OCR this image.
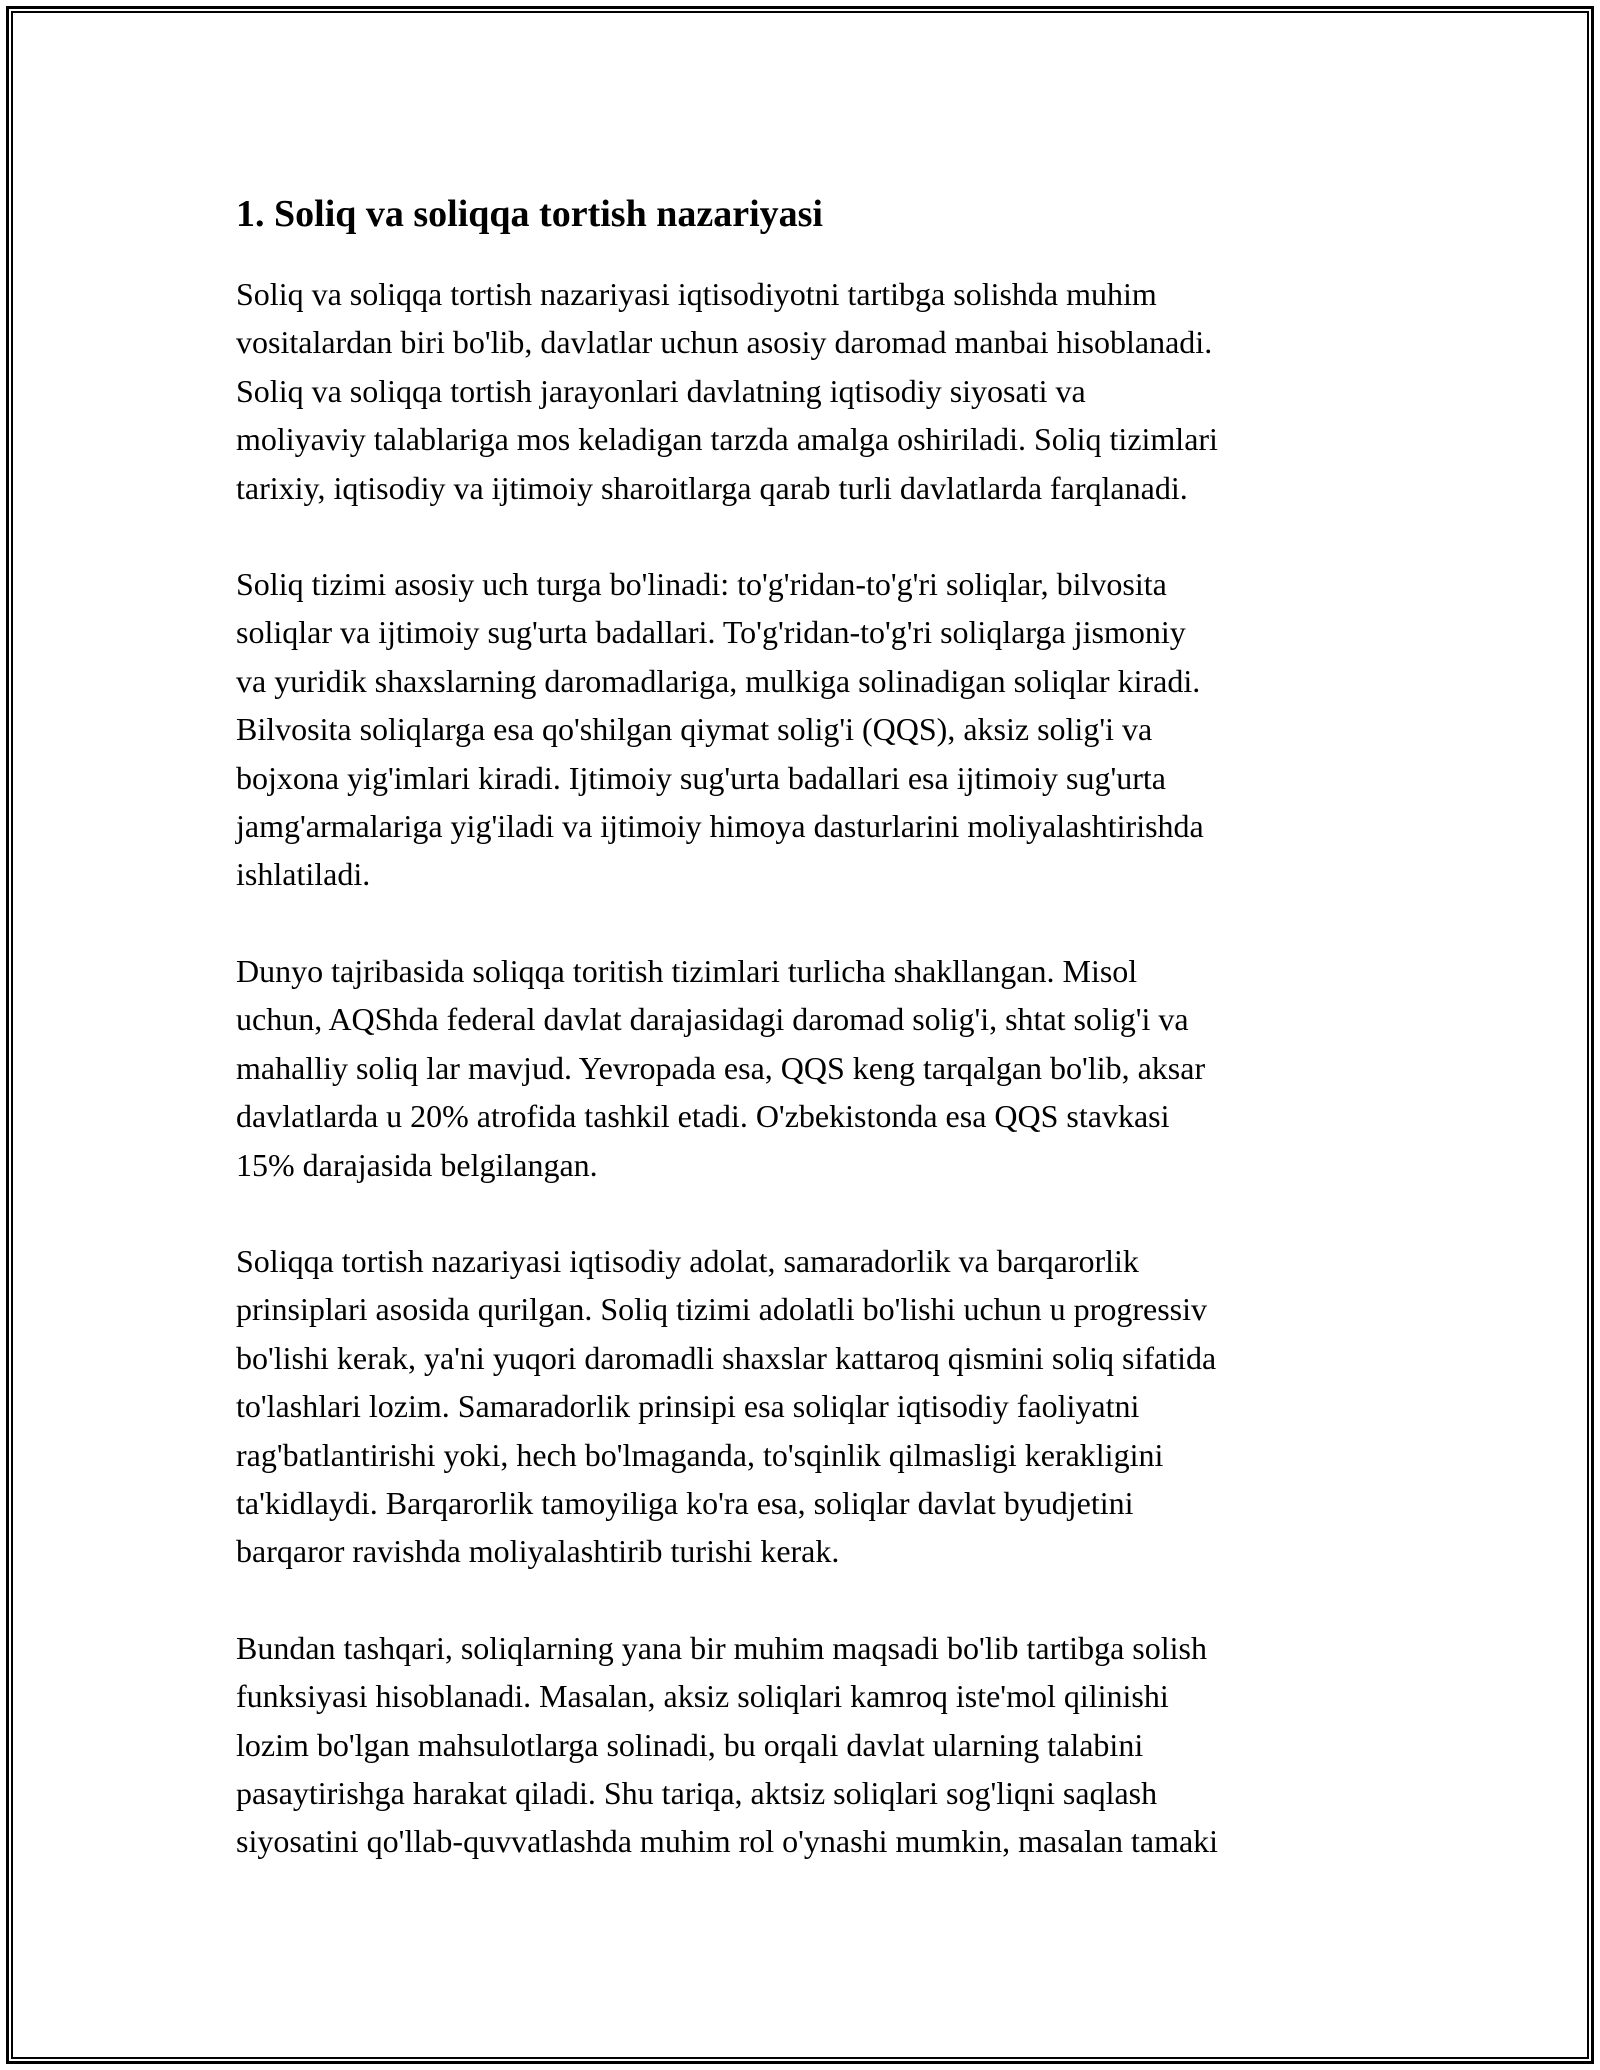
1. Soliq va soliqqa tortish nazariyasi

Soliq va soliqqa tortish nazariyasi iqtisodiyotni tartibga solishda muhim
vositalardan biri bo'lib, davlatlar uchun asosiy daromad manbai hisoblanadi.
Soliq va soliqqa tortish jarayonlari davlatning iqtisodiy siyosati va
moliyaviy talablariga mos keladigan tarzda amalga oshiriladi. Soliq tizimlari
tarixiy, iqtisodiy va ijtimoiy sharoitlarga qarab turli davlatlarda farqlanadi.

Soliq tizimi asosiy uch turga bo'linadi: to'g'ridan-to'g'ri soliqlar, bilvosita
soliqlar va ijtimoiy sug'urta badallari. To'g'ridan-to'g'ri soliqlarga jismoniy
va yuridik shaxslarning daromadlariga, mulkiga solinadigan soliqlar kiradi.
Bilvosita soliqlarga esa qo'shilgan qiymat solig'i (QQS), aksiz solig'i va
bojxona yig'imlari kiradi. Ijtimoiy sug'urta badallari esa ijtimoiy sug'urta
jamg'armalariga yig'iladi va ijtimoiy himoya dasturlarini moliyalashtirishda
ishlatiladi.

Dunyo tajribasida soliqqa toritish tizimlari turlicha shakllangan. Misol
uchun, AQShda federal davlat darajasidagi daromad solig'i, shtat solig'i va
mahalliy soliq lar mavjud. Yevropada esa, QQS keng tarqalgan bo'lib, aksar
davlatlarda u 20% atrofida tashkil etadi. O'zbekistonda esa QQS stavkasi
15% darajasida belgilangan.

Soliqqa tortish nazariyasi iqtisodiy adolat, samaradorlik va barqarorlik
prinsiplari asosida qurilgan. Soliq tizimi adolatli bo'lishi uchun u progressiv
bo'lishi kerak, ya'ni yuqori daromadli shaxslar kattaroq qismini soliq sifatida
to'lashlari lozim. Samaradorlik prinsipi esa soliqlar iqtisodiy faoliyatni
rag'batlantirishi yoki, hech bo'lmaganda, to'sqinlik qilmasligi kerakligini
ta'kidlaydi. Barqarorlik tamoyiliga ko'ra esa, soliqlar davlat byudjetini
barqaror ravishda moliyalashtirib turishi kerak.

Bundan tashqari, soliqlarning yana bir muhim maqsadi bo'lib tartibga solish
funksiyasi hisoblanadi. Masalan, aksiz soliqlari kamroq iste'mol qilinishi
lozim bo'lgan mahsulotlarga solinadi, bu orqali davlat ularning talabini
pasaytirishga harakat qiladi. Shu tariqa, aktsiz soliqlari sog'liqni saqlash
siyosatini qo'llab-quvvatlashda muhim rol o'ynashi mumkin, masalan tamaki
